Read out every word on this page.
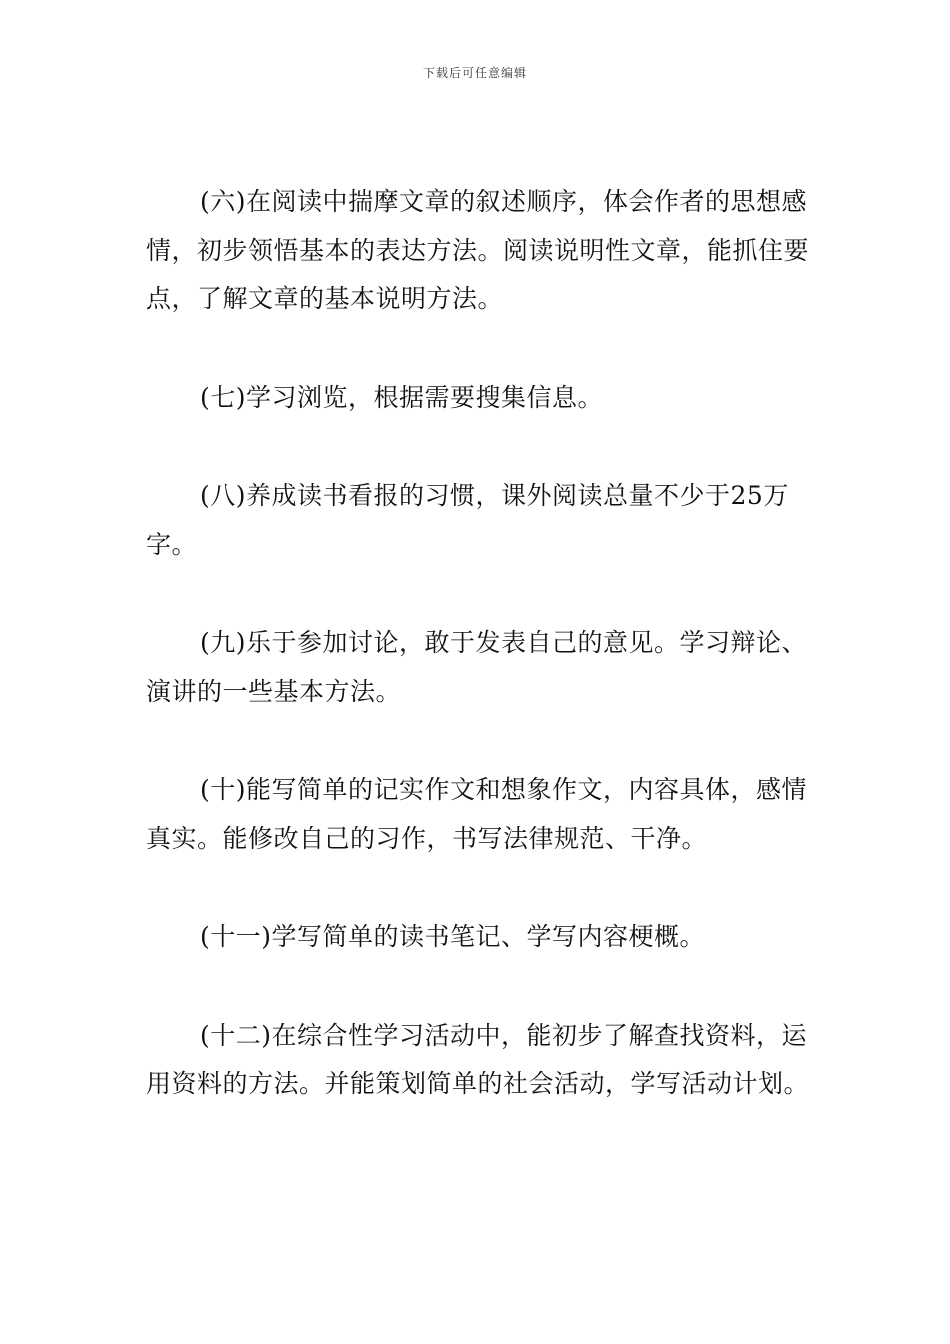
下载后可任意编辑

(六)在阅读中揣摩文章的叙述顺序，体会作者的思想感情，初步领悟基本的表达方法。阅读说明性文章，能抓住要点，了解文章的基本说明方法。

(七)学习浏览，根据需要搜集信息。

(八)养成读书看报的习惯，课外阅读总量不少于25万字。

(九)乐于参加讨论，敢于发表自己的意见。学习辩论、演讲的一些基本方法。

(十)能写简单的记实作文和想象作文，内容具体，感情真实。能修改自己的习作，书写法律规范、干净。

(十一)学写简单的读书笔记、学写内容梗概。

(十二)在综合性学习活动中，能初步了解查找资料，运用资料的方法。并能策划简单的社会活动，学写活动计划。
